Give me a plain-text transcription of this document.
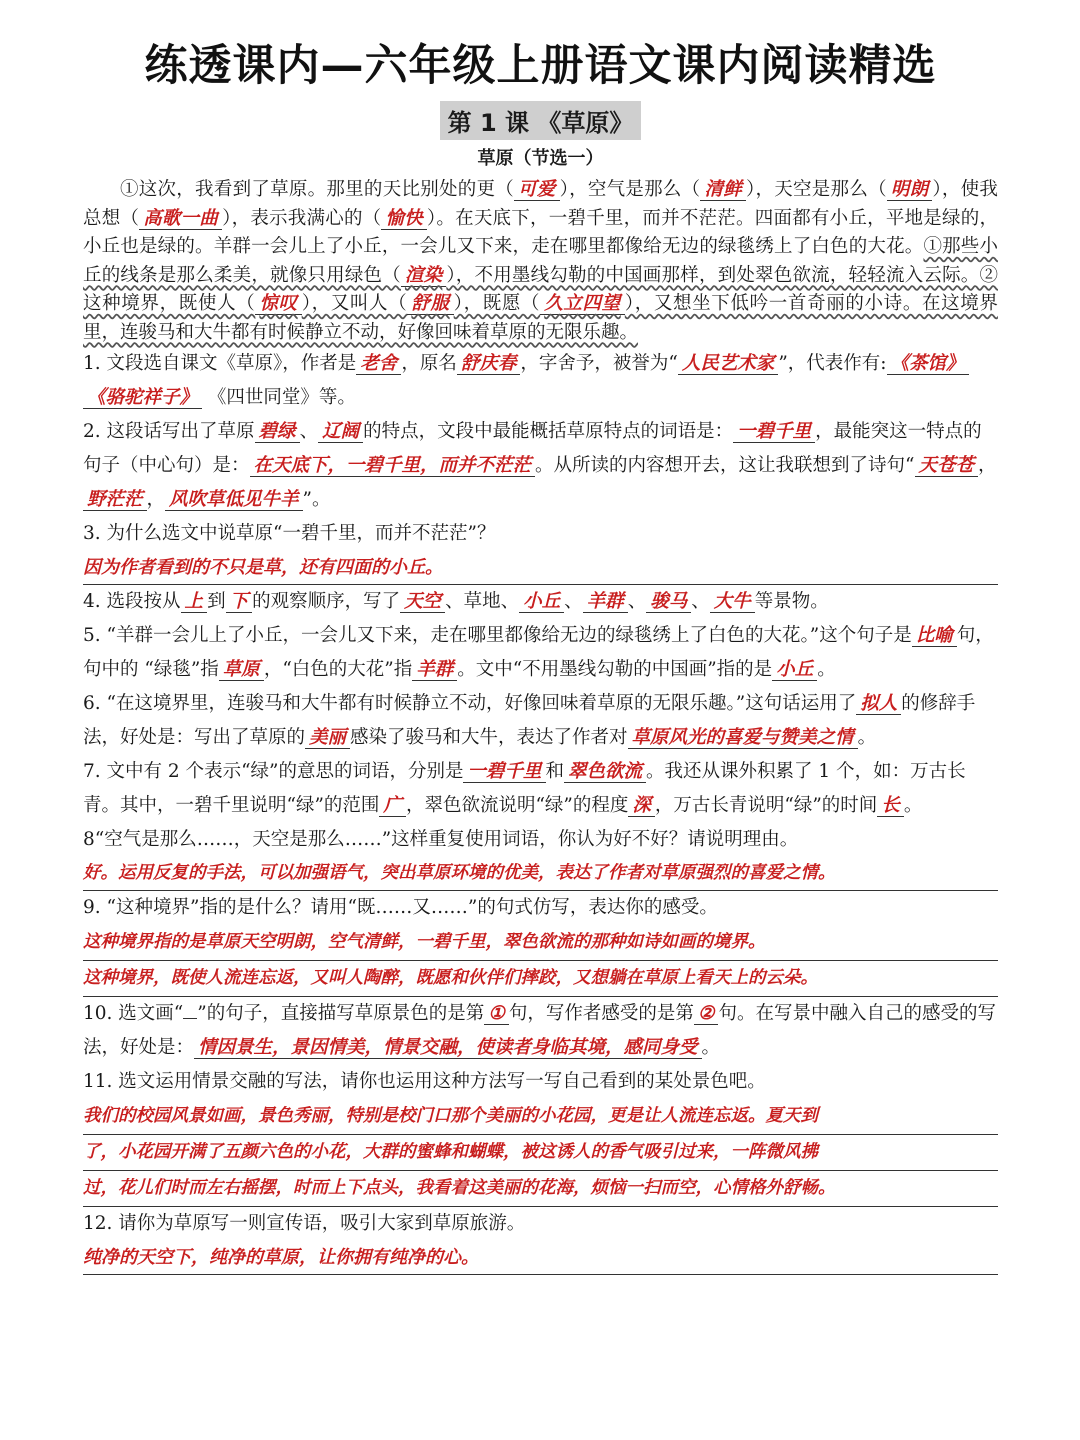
练透课内—六年级上册语文课内阅读精选
第 1 课 《草原》
草原（节选一）

①这次，我看到了草原。那里的天比别处的更（ 可爱 ），空气是那么（ 清鲜 ），天空是那么（ 明朗 ），使我总想（ 高歌一曲 ），表示我满心的（ 愉快 ）。在天底下，一碧千里，而并不茫茫。四面都有小丘，平地是绿的，小丘也是绿的。羊群一会儿上了小丘，一会儿又下来，走在哪里都像给无边的绿毯绣上了白色的大花。①那些小丘的线条是那么柔美，就像只用绿色（ 渲染 ），不用墨线勾勒的中国画那样，到处翠色欲流，轻轻流入云际。②这种境界，既使人（ 惊叹 ），又叫人（ 舒服 ），既愿（ 久立四望 ），又想坐下低吟一首奇丽的小诗。在这境界里，连骏马和大牛都有时候静立不动，好像回味着草原的无限乐趣。

1. 文段选自课文《草原》，作者是 老舍 ，原名 舒庆春 ，字舍予，被誉为“ 人民艺术家 ”，代表作有: 《茶馆》 《骆驼祥子》 《四世同堂》等。

2. 这段话写出了草原 碧绿 、 辽阔 的特点，文段中最能概括草原特点的词语是： 一碧千里 ，最能突这一特点的句子（中心句）是： 在天底下，一碧千里，而并不茫茫 。从所读的内容想开去，这让我联想到了诗句“ 天苍苍 ，野茫茫 ， 风吹草低见牛羊 ”。

3. 为什么选文中说草原“一碧千里，而并不茫茫”？

因为作者看到的不只是草，还有四面的小丘。

4. 选段按从 上 到 下 的观察顺序，写了 天空 、草地、 小丘 、 羊群 、 骏马 、 大牛 等景物。

5. “羊群一会儿上了小丘，一会儿又下来，走在哪里都像给无边的绿毯绣上了白色的大花。”这个句子是 比喻 句，句中的 “绿毯”指 草原 ，“白色的大花”指 羊群 。文中“不用墨线勾勒的中国画”指的是 小丘 。

6. “在这境界里，连骏马和大牛都有时候静立不动，好像回味着草原的无限乐趣。”这句话运用了 拟人 的修辞手法，好处是：写出了草原的 美丽 感染了骏马和大牛，表达了作者对 草原风光的喜爱与赞美之情 。

7. 文中有 2 个表示“绿”的意思的词语，分别是 一碧千里 和 翠色欲流 。我还从课外积累了 1 个，如：万古长青。其中，一碧千里说明“绿”的范围 广 ，翠色欲流说明“绿”的程度 深 ，万古长青说明“绿”的时间 长 。

8“空气是那么……，天空是那么……”这样重复使用词语，你认为好不好？请说明理由。

好。运用反复的手法，可以加强语气，突出草原环境的优美，表达了作者对草原强烈的喜爱之情。

9. “这种境界”指的是什么？请用“既……又……”的句式仿写，表达你的感受。

这种境界指的是草原天空明朗，空气清鲜，一碧千里，翠色欲流的那种如诗如画的境界。
这种境界，既使人流连忘返，又叫人陶醉，既愿和伙伴们摔跤，又想躺在草原上看天上的云朵。

10. 选文画“ ”的句子，直接描写草原景色的是第 ① 句，写作者感受的是第 ② 句。在写景中融入自己的感受的写法，好处是： 情因景生，景因情美，情景交融，使读者身临其境，感同身受 。

11. 选文运用情景交融的写法，请你也运用这种方法写一写自己看到的某处景色吧。

我们的校园风景如画，景色秀丽，特别是校门口那个美丽的小花园，更是让人流连忘返。夏天到
了，小花园开满了五颜六色的小花，大群的蜜蜂和蝴蝶，被这诱人的香气吸引过来，一阵微风拂
过，花儿们时而左右摇摆，时而上下点头，我看着这美丽的花海，烦恼一扫而空，心情格外舒畅。

12. 请你为草原写一则宣传语，吸引大家到草原旅游。

纯净的天空下，纯净的草原，让你拥有纯净的心。
